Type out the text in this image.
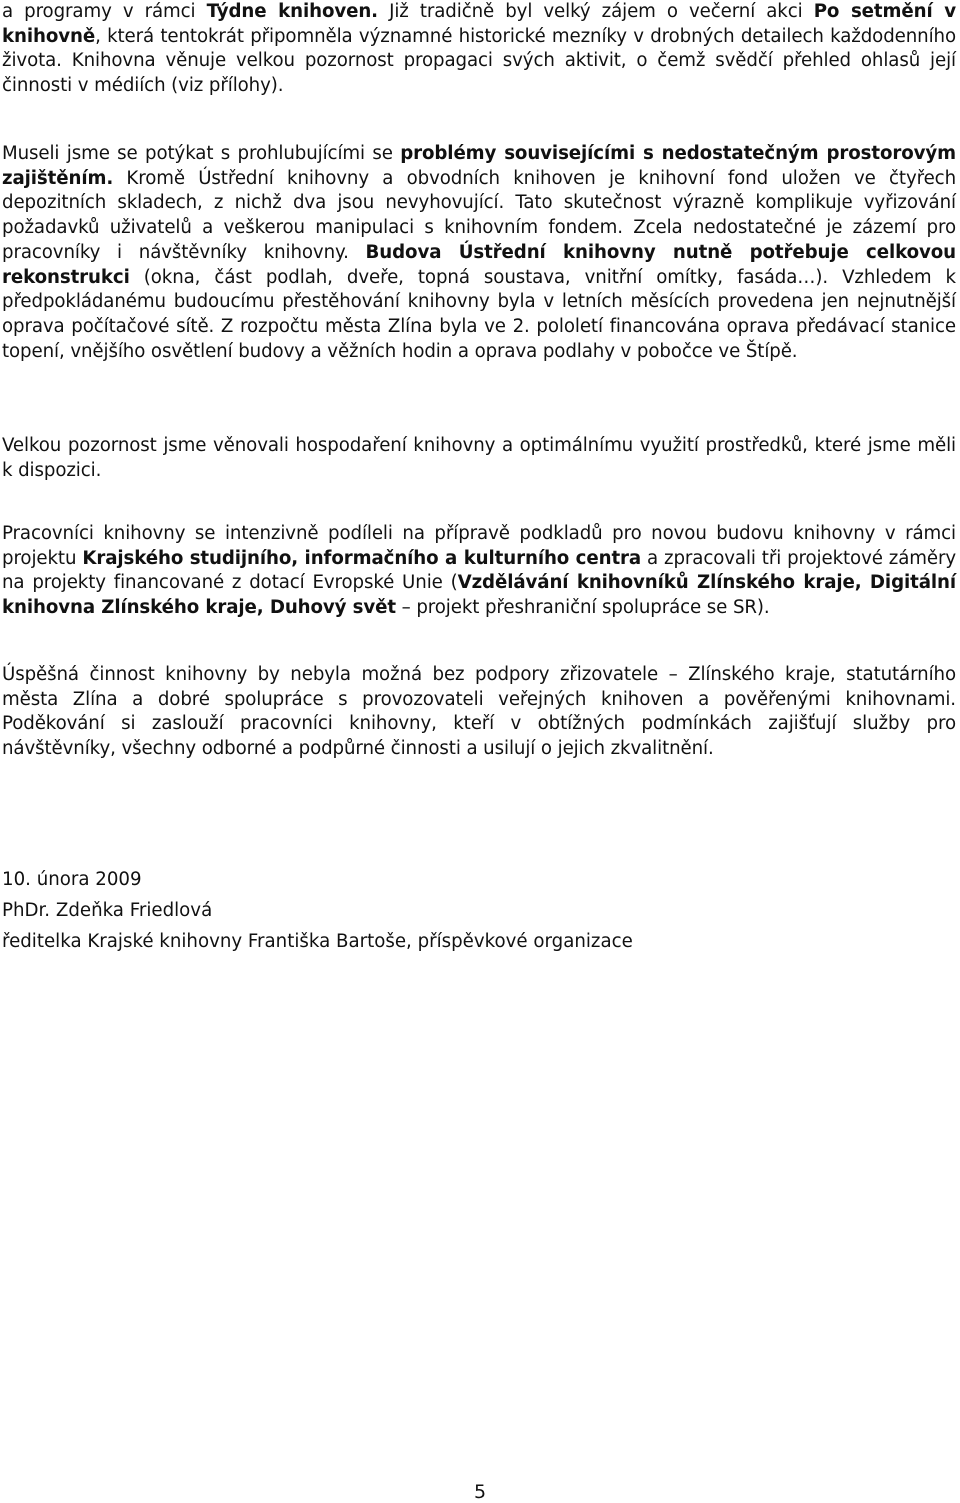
a programy v rámci Týdne knihoven. Již tradičně byl velký zájem o večerní akci Po setmění v knihovně, která tentokrát připomněla významné historické mezníky v drobných detailech každodenního života. Knihovna věnuje velkou pozornost propagaci svých aktivit, o čemž svědčí přehled ohlasů její činnosti v médiích (viz přílohy).

Museli jsme se potýkat s prohlubujícími se problémy souvisejícími s nedostatečným prostorovým zajištěním. Kromě Ústřední knihovny a obvodních knihoven je knihovní fond uložen ve čtyřech depozitních skladech, z nichž dva jsou nevyhovující. Tato skutečnost výrazně komplikuje vyřizování požadavků uživatelů a veškerou manipulaci s knihovním fondem. Zcela nedostatečné je zázemí pro pracovníky i návštěvníky knihovny. Budova Ústřední knihovny nutně potřebuje celkovou rekonstrukci (okna, část podlah, dveře, topná soustava, vnitřní omítky, fasáda…). Vzhledem k předpokládanému budoucímu přestěhování knihovny byla v letních měsících provedena jen nejnutnější oprava počítačové sítě. Z rozpočtu města Zlína byla ve 2. pololetí financována oprava předávací stanice topení, vnějšího osvětlení budovy a věžních hodin a oprava podlahy v pobočce ve Štípě.

Velkou pozornost jsme věnovali hospodaření knihovny a optimálnímu využití prostředků, které jsme měli k dispozici.

Pracovníci knihovny se intenzivně podíleli na přípravě podkladů pro novou budovu knihovny v rámci projektu Krajského studijního, informačního a kulturního centra a zpracovali tři projektové záměry na projekty financované z dotací Evropské Unie (Vzdělávání knihovníků Zlínského kraje, Digitální knihovna Zlínského kraje, Duhový svět – projekt přeshraniční spolupráce se SR).

Úspěšná činnost knihovny by nebyla možná bez podpory zřizovatele – Zlínského kraje, statutárního města Zlína a dobré spolupráce s provozovateli veřejných knihoven a pověřenými knihovnami. Poděkování si zaslouží pracovníci knihovny, kteří v obtížných podmínkách zajišťují služby pro návštěvníky, všechny odborné a podpůrné činnosti a usilují o jejich zkvalitnění.

10. února 2009
PhDr. Zdeňka Friedlová
ředitelka Krajské knihovny Františka Bartoše, příspěvkové organizace
5
